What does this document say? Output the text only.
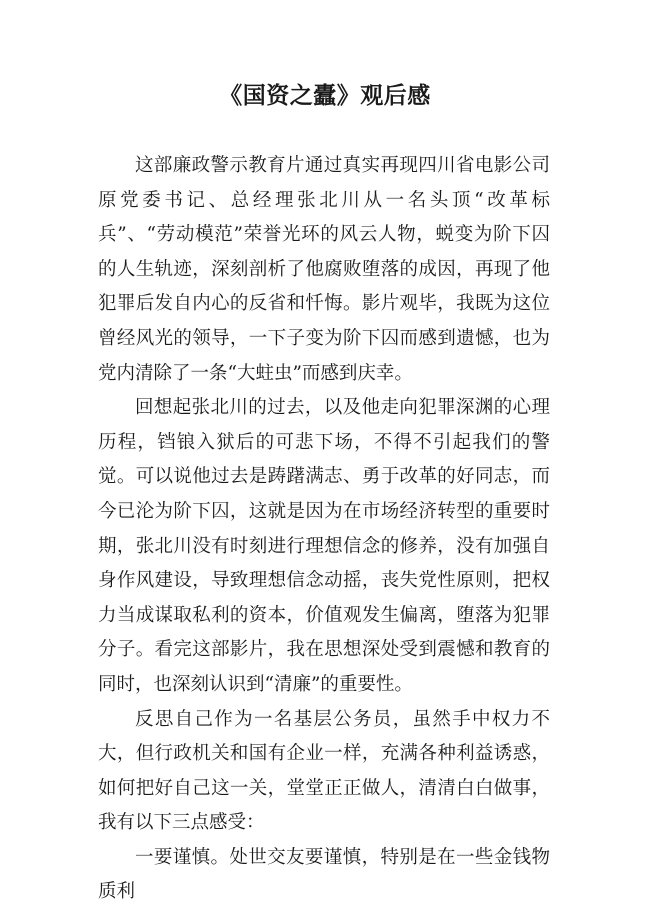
《国资之蠹》观后感

这部廉政警示教育片通过真实再现四川省电影公司原党委书记、总经理张北川从一名头顶“改革标兵”、“劳动模范”荣誉光环的风云人物，蜕变为阶下囚的人生轨迹，深刻剖析了他腐败堕落的成因，再现了他犯罪后发自内心的反省和忏悔。影片观毕，我既为这位曾经风光的领导，一下子变为阶下囚而感到遗憾，也为党内清除了一条“大蛀虫”而感到庆幸。

回想起张北川的过去，以及他走向犯罪深渊的心理历程，铛锒入狱后的可悲下场，不得不引起我们的警觉。可以说他过去是踌躇满志、勇于改革的好同志，而今已沦为阶下囚，这就是因为在市场经济转型的重要时期，张北川没有时刻进行理想信念的修养，没有加强自身作风建设，导致理想信念动摇，丧失党性原则，把权力当成谋取私利的资本，价值观发生偏离，堕落为犯罪分子。看完这部影片，我在思想深处受到震憾和教育的同时，也深刻认识到“清廉”的重要性。

反思自己作为一名基层公务员，虽然手中权力不大，但行政机关和国有企业一样，充满各种利益诱惑，如何把好自己这一关，堂堂正正做人，清清白白做事，我有以下三点感受：

一要谨慎。处世交友要谨慎，特别是在一些金钱物质利
